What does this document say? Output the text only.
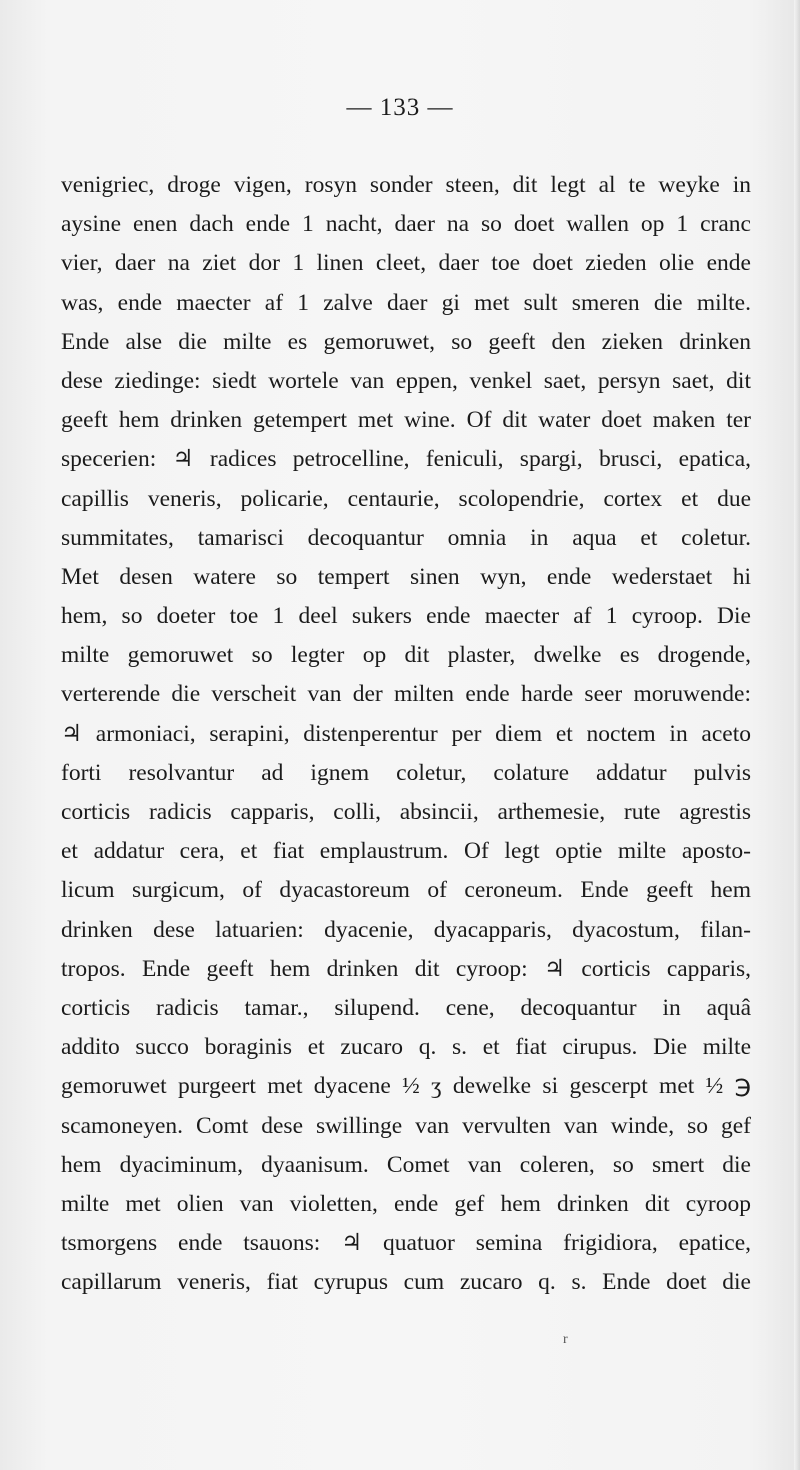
— 133 —
venigriec, droge vigen, rosyn sonder steen, dit legt al te weyke in
aysine enen dach ende 1 nacht, daer na so doet wallen op 1 cranc
vier, daer na ziet dor 1 linen cleet, daer toe doet zieden olie ende
was, ende maecter af 1 zalve daer gi met sult smeren die milte.
Ende alse die milte es gemoruwet, so geeft den zieken drinken
dese ziedinge: siedt wortele van eppen, venkel saet, persyn saet, dit
geeft hem drinken getempert met wine. Of dit water doet maken ter
specerien: ♃ radices petrocelline, feniculi, spargi, brusci, epatica,
capillis veneris, policarie, centaurie, scolopendrie, cortex et due
summitates, tamarisci decoquantur omnia in aqua et coletur.
Met desen watere so tempert sinen wyn, ende wederstaet hi
hem, so doeter toe 1 deel sukers ende maecter af 1 cyroop. Die
milte gemoruwet so legter op dit plaster, dwelke es drogende,
verterende die verscheit van der milten ende harde seer moruwende:
♃ armoniaci, serapini, distenperentur per diem et noctem in aceto
forti resolvantur ad ignem coletur, colature addatur pulvis
corticis radicis capparis, colli, absincii, arthemesie, rute agrestis
et addatur cera, et fiat emplaustrum. Of legt optie milte aposto-
licum surgicum, of dyacastoreum of ceroneum. Ende geeft hem
drinken dese latuarien: dyacenie, dyacapparis, dyacostum, filan-
tropos. Ende geeft hem drinken dit cyroop: ♃ corticis capparis,
corticis radicis tamar., silupend. cene, decoquantur in aquâ
addito succo boraginis et zucaro q. s. et fiat cirupus. Die milte
gemoruwet purgeert met dyacene ½ ʒ dewelke si gescerpt met ½ ℈
scamoneyen. Comt dese swillinge van vervulten van winde, so gef
hem dyaciminum, dyaanisum. Comet van coleren, so smert die
milte met olien van violetten, ende gef hem drinken dit cyroop
tsmorgens ende tsauons: ♃ quatuor semina frigidiora, epatice,
capillarum veneris, fiat cyrupus cum zucaro q. s. Ende doet die
r
